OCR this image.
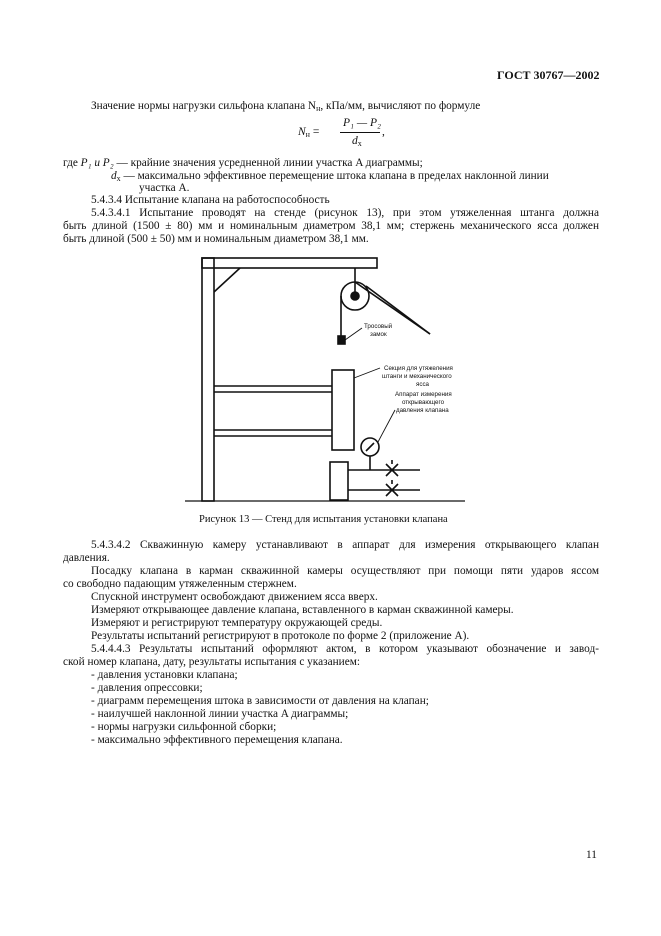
ГОСТ 30767—2002
Значение нормы нагрузки сильфона клапана $N_н$, кПа/мм, вычисляют по формуле
$N_н$ =
P₁ — P₂
$d_x$
,
где P₁ и P₂ — крайние значения усредненной линии участка A диаграммы;
$d_x$ — максимально эффективное перемещение штока клапана в пределах наклонной линии
участка A.
5.4.3.4 Испытание клапана на работоспособность
5.4.3.4.1 Испытание проводят на стенде (рисунок 13), при этом утяжеленная штанга должна
быть длиной (1500 ± 80) мм и номинальным диаметром 38,1 мм; стержень механического ясса должен
быть длиной (500 ± 50) мм и номинальным диаметром 38,1 мм.
Тросовый
замок
Секция для утяжеления
штанги и механического
ясса
Аппарат измерения
открывающего
давления клапана
Рисунок 13 — Стенд для испытания установки клапана
5.4.3.4.2 Скважинную камеру устанавливают в аппарат для измерения открывающего клапан
давления.
Посадку клапана в карман скважинной камеры осуществляют при помощи пяти ударов яссом
со свободно падающим утяжеленным стержнем.
Спускной инструмент освобождают движением ясса вверх.
Измеряют открывающее давление клапана, вставленного в карман скважинной камеры.
Измеряют и регистрируют температуру окружающей среды.
Результаты испытаний регистрируют в протоколе по форме 2 (приложение А).
5.4.4.4.3 Результаты испытаний оформляют актом, в котором указывают обозначение и завод-
ской номер клапана, дату, результаты испытания с указанием:
- давления установки клапана;
- давления опрессовки;
- диаграмм перемещения штока в зависимости от давления на клапан;
- наилучшей наклонной линии участка A диаграммы;
- нормы нагрузки сильфонной сборки;
- максимально эффективного перемещения клапана.
11
